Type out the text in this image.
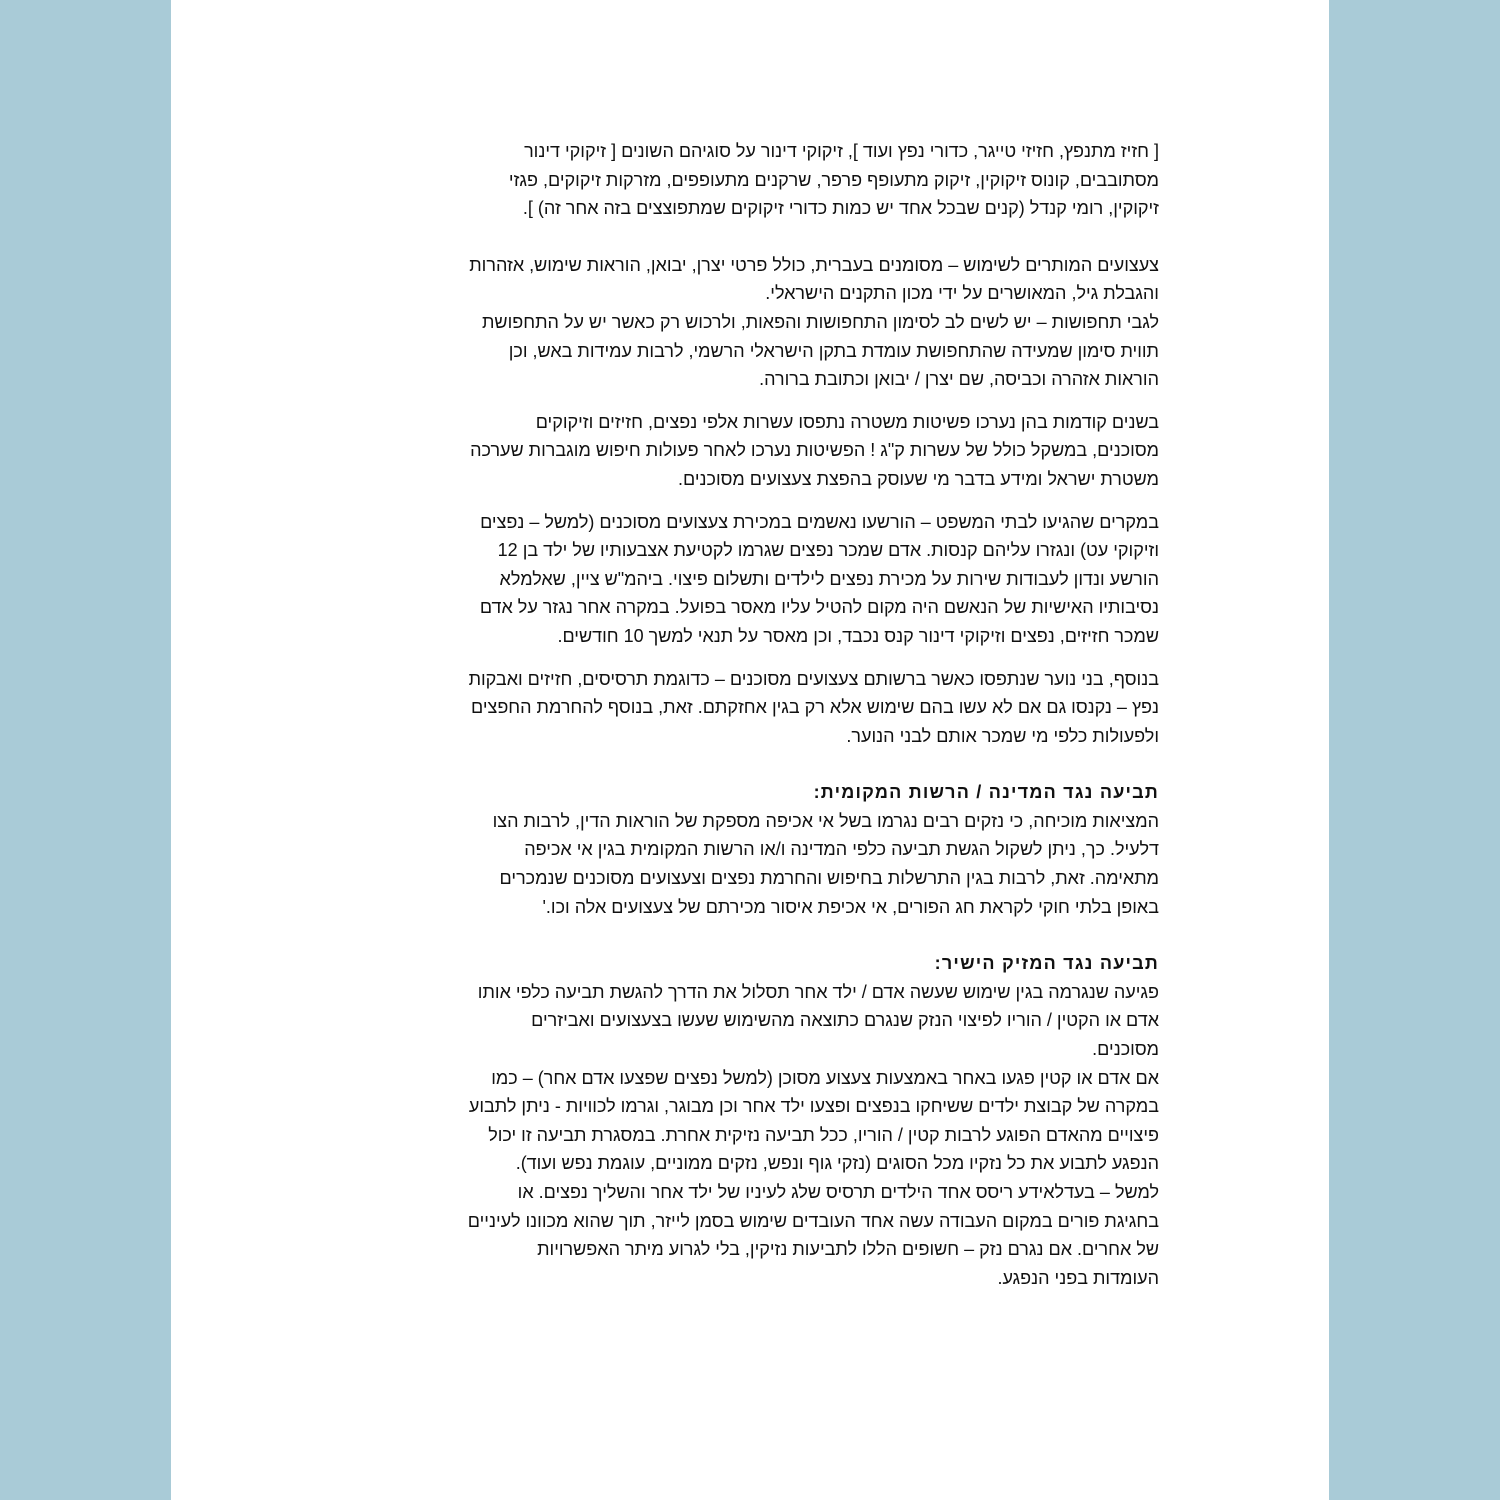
[ חזיז מתנפץ, חזיזי טייגר, כדורי נפץ ועוד ], זיקוקי דינור על סוגיהם השונים [ זיקוקי דינור
מסתובבים, קונוס זיקוקין, זיקוק מתעופף פרפר, שרקנים מתעופפים, מזרקות זיקוקים, פגזי
זיקוקין, רומי קנדל (קנים שבכל אחד יש כמות כדורי זיקוקים שמתפוצצים בזה אחר זה) ].
צעצועים המותרים לשימוש – מסומנים בעברית, כולל פרטי יצרן, יבואן, הוראות שימוש, אזהרות
והגבלת גיל, המאושרים על ידי מכון התקנים הישראלי.
לגבי תחפושות – יש לשים לב לסימון התחפושות והפאות, ולרכוש רק כאשר יש על התחפושת
תווית סימון שמעידה שהתחפושת עומדת בתקן הישראלי הרשמי, לרבות עמידות באש, וכן
הוראות אזהרה וכביסה, שם יצרן / יבואן וכתובת ברורה.
בשנים קודמות בהן נערכו פשיטות משטרה נתפסו עשרות אלפי נפצים, חזיזים וזיקוקים
מסוכנים, במשקל כולל של עשרות ק"ג ! הפשיטות נערכו לאחר פעולות חיפוש מוגברות שערכה
משטרת ישראל ומידע בדבר מי שעוסק בהפצת צעצועים מסוכנים.
במקרים שהגיעו לבתי המשפט – הורשעו נאשמים במכירת צעצועים מסוכנים (למשל – נפצים
וזיקוקי עט) ונגזרו עליהם קנסות. אדם שמכר נפצים שגרמו לקטיעת אצבעותיו של ילד בן 12
הורשע ונדון לעבודות שירות על מכירת נפצים לילדים ותשלום פיצוי. ביהמ"ש ציין, שאלמלא
נסיבותיו האישיות של הנאשם היה מקום להטיל עליו מאסר בפועל. במקרה אחר נגזר על אדם
שמכר חזיזים, נפצים וזיקוקי דינור קנס נכבד, וכן מאסר על תנאי למשך 10 חודשים.
בנוסף, בני נוער שנתפסו כאשר ברשותם צעצועים מסוכנים – כדוגמת תרסיסים, חזיזים ואבקות
נפץ – נקנסו גם אם לא עשו בהם שימוש אלא רק בגין אחזקתם. זאת, בנוסף להחרמת החפצים
ולפעולות כלפי מי שמכר אותם לבני הנוער.
תביעה נגד המדינה / הרשות המקומית:
המציאות מוכיחה, כי נזקים רבים נגרמו בשל אי אכיפה מספקת של הוראות הדין, לרבות הצו
דלעיל. כך, ניתן לשקול הגשת תביעה כלפי המדינה ו/או הרשות המקומית בגין אי אכיפה
מתאימה. זאת, לרבות בגין התרשלות בחיפוש והחרמת נפצים וצעצועים מסוכנים שנמכרים
באופן בלתי חוקי לקראת חג הפורים, אי אכיפת איסור מכירתם של צעצועים אלה וכו.'
תביעה נגד המזיק הישיר:
פגיעה שנגרמה בגין שימוש שעשה אדם / ילד אחר תסלול את הדרך להגשת תביעה כלפי אותו
אדם או הקטין / הוריו לפיצוי הנזק שנגרם כתוצאה מהשימוש שעשו בצעצועים ואביזרים
מסוכנים.
אם אדם או קטין פגעו באחר באמצעות צעצוע מסוכן (למשל נפצים שפצעו אדם אחר) – כמו
במקרה של קבוצת ילדים ששיחקו בנפצים ופצעו ילד אחר וכן מבוגר, וגרמו לכוויות - ניתן לתבוע
פיצויים מהאדם הפוגע לרבות קטין / הוריו, ככל תביעה נזיקית אחרת. במסגרת תביעה זו יכול
הנפגע לתבוע את כל נזקיו מכל הסוגים (נזקי גוף ונפש, נזקים ממוניים, עוגמת נפש ועוד).
למשל – בעדלאידע ריסס אחד הילדים תרסיס שלג לעיניו של ילד אחר והשליך נפצים. או
בחגיגת פורים במקום העבודה עשה אחד העובדים שימוש בסמן לייזר, תוך שהוא מכוונו לעיניים
של אחרים. אם נגרם נזק – חשופים הללו לתביעות נזיקין, בלי לגרוע מיתר האפשרויות
העומדות בפני הנפגע.
